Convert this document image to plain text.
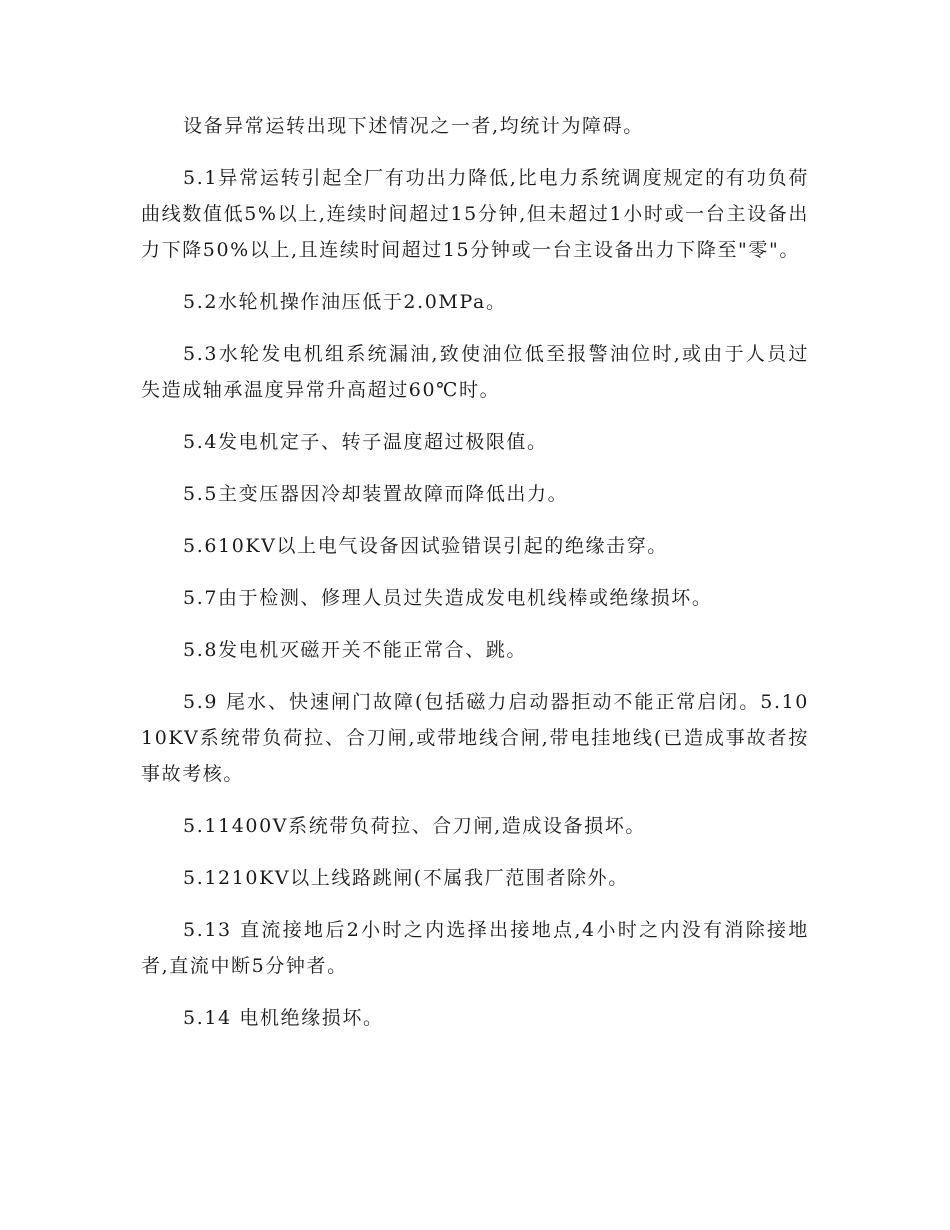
设备异常运转出现下述情况之一者,均统计为障碍。

5.1异常运转引起全厂有功出力降低,比电力系统调度规定的有功负荷曲线数值低5%以上,连续时间超过15分钟,但未超过1小时或一台主设备出力下降50%以上,且连续时间超过15分钟或一台主设备出力下降至"零"。

5.2水轮机操作油压低于2.0MPa。

5.3水轮发电机组系统漏油,致使油位低至报警油位时,或由于人员过失造成轴承温度异常升高超过60℃时。

5.4发电机定子、转子温度超过极限值。

5.5主变压器因冷却装置故障而降低出力。

5.610KV以上电气设备因试验错误引起的绝缘击穿。

5.7由于检测、修理人员过失造成发电机线棒或绝缘损坏。

5.8发电机灭磁开关不能正常合、跳。

5.9 尾水、快速闸门故障(包括磁力启动器拒动不能正常启闭。5.1010KV系统带负荷拉、合刀闸,或带地线合闸,带电挂地线(已造成事故者按事故考核。

5.11400V系统带负荷拉、合刀闸,造成设备损坏。

5.1210KV以上线路跳闸(不属我厂范围者除外。

5.13 直流接地后2小时之内选择出接地点,4小时之内没有消除接地者,直流中断5分钟者。

5.14 电机绝缘损坏。
